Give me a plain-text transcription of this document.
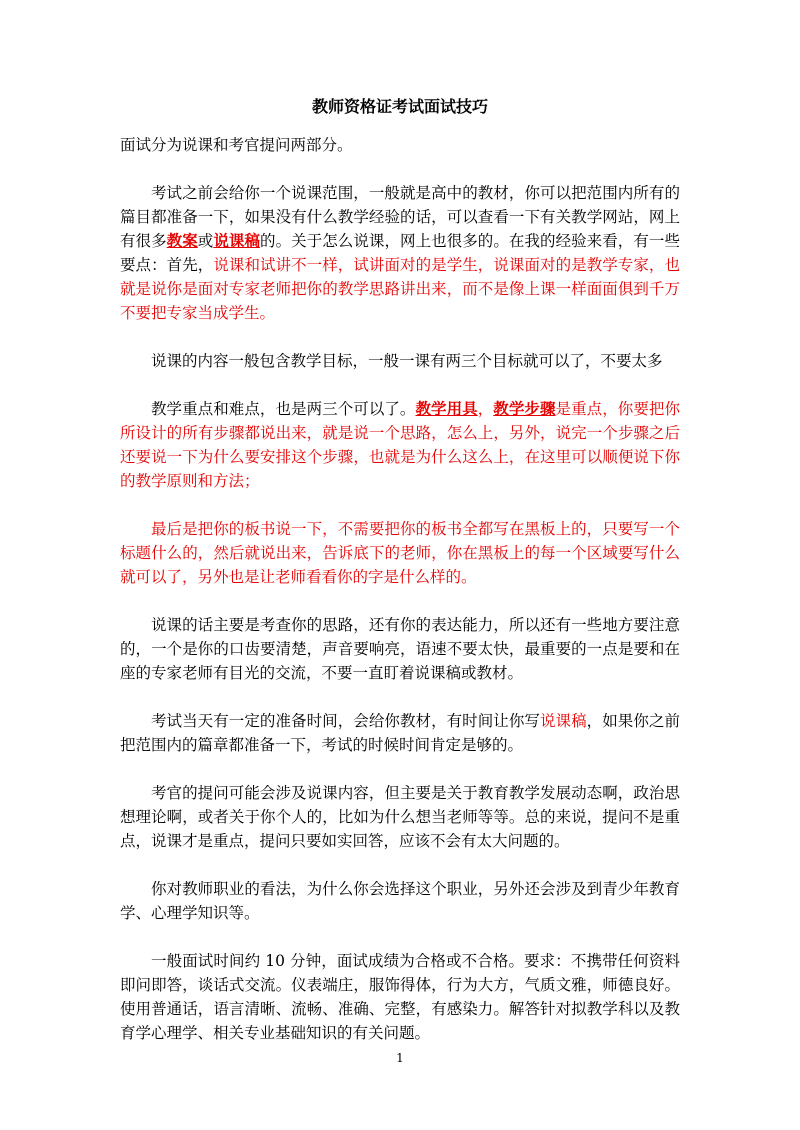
教师资格证考试面试技巧

面试分为说课和考官提问两部分。

考试之前会给你一个说课范围，一般就是高中的教材，你可以把范围内所有的篇目都准备一下，如果没有什么教学经验的话，可以查看一下有关教学网站，网上有很多教案或说课稿的。关于怎么说课，网上也很多的。在我的经验来看，有一些要点：首先，说课和试讲不一样，试讲面对的是学生，说课面对的是教学专家，也就是说你是面对专家老师把你的教学思路讲出来，而不是像上课一样面面俱到千万不要把专家当成学生。

说课的内容一般包含教学目标，一般一课有两三个目标就可以了，不要太多

教学重点和难点，也是两三个可以了。教学用具，教学步骤是重点，你要把你所设计的所有步骤都说出来，就是说一个思路，怎么上，另外，说完一个步骤之后还要说一下为什么要安排这个步骤，也就是为什么这么上，在这里可以顺便说下你的教学原则和方法；

最后是把你的板书说一下，不需要把你的板书全都写在黑板上的，只要写一个标题什么的，然后就说出来，告诉底下的老师，你在黑板上的每一个区域要写什么就可以了，另外也是让老师看看你的字是什么样的。

说课的话主要是考查你的思路，还有你的表达能力，所以还有一些地方要注意的，一个是你的口齿要清楚，声音要响亮，语速不要太快，最重要的一点是要和在座的专家老师有目光的交流，不要一直盯着说课稿或教材。

考试当天有一定的准备时间，会给你教材，有时间让你写说课稿，如果你之前把范围内的篇章都准备一下，考试的时候时间肯定是够的。

考官的提问可能会涉及说课内容，但主要是关于教育教学发展动态啊，政治思想理论啊，或者关于你个人的，比如为什么想当老师等等。总的来说，提问不是重点，说课才是重点，提问只要如实回答，应该不会有太大问题的。

你对教师职业的看法，为什么你会选择这个职业，另外还会涉及到青少年教育学、心理学知识等。

一般面试时间约 10 分钟，面试成绩为合格或不合格。要求：不携带任何资料即问即答，谈话式交流。仪表端庄，服饰得体，行为大方，气质文雅，师德良好。 使用普通话，语言清晰、流畅、准确、完整，有感染力。解答针对拟教学科以及教育学心理学、相关专业基础知识的有关问题。

1
